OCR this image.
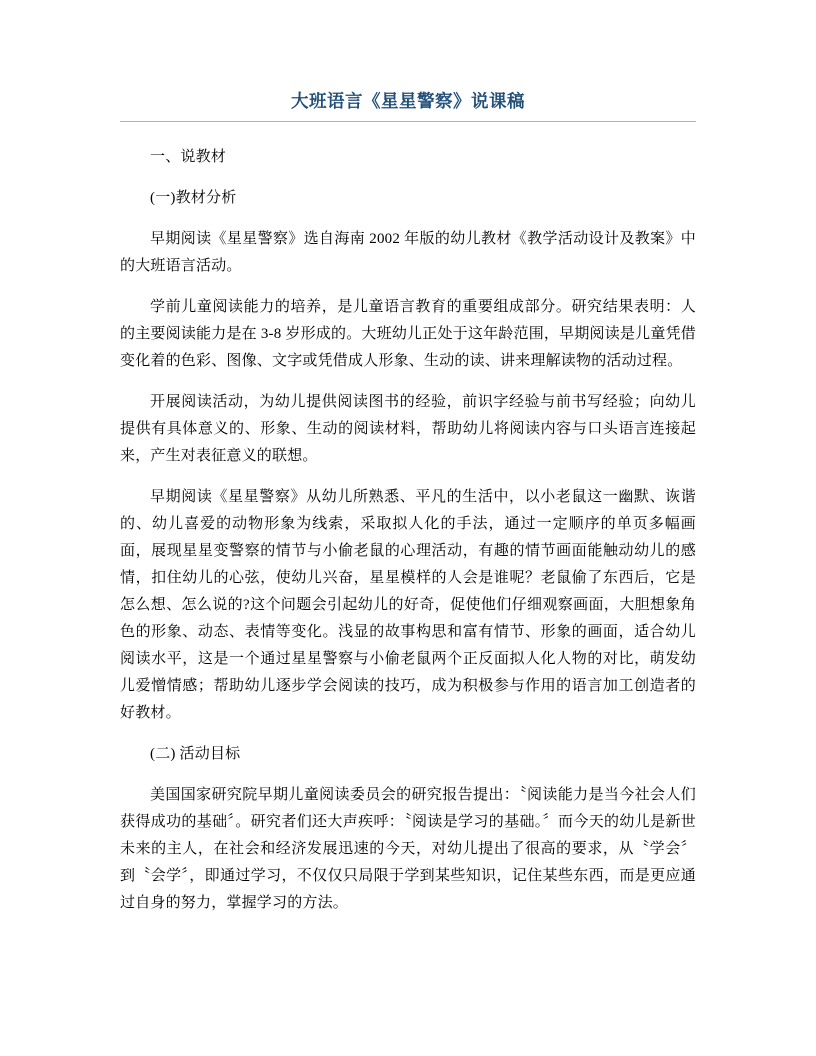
大班语言《星星警察》说课稿

一、说教材

(一)教材分析

早期阅读《星星警察》选自海南 2002 年版的幼儿教材《教学活动设计及教案》中的大班语言活动。

学前儿童阅读能力的培养，是儿童语言教育的重要组成部分。研究结果表明：人的主要阅读能力是在 3-8 岁形成的。大班幼儿正处于这年龄范围，早期阅读是儿童凭借变化着的色彩、图像、文字或凭借成人形象、生动的读、讲来理解读物的活动过程。

开展阅读活动，为幼儿提供阅读图书的经验，前识字经验与前书写经验；向幼儿提供有具体意义的、形象、生动的阅读材料，帮助幼儿将阅读内容与口头语言连接起来，产生对表征意义的联想。

早期阅读《星星警察》从幼儿所熟悉、平凡的生活中，以小老鼠这一幽默、诙谐的、幼儿喜爱的动物形象为线索，采取拟人化的手法，通过一定顺序的单页多幅画面，展现星星变警察的情节与小偷老鼠的心理活动，有趣的情节画面能触动幼儿的感情，扣住幼儿的心弦，使幼儿兴奋，星星模样的人会是谁呢？老鼠偷了东西后，它是怎么想、怎么说的?这个问题会引起幼儿的好奇，促使他们仔细观察画面，大胆想象角色的形象、动态、表情等变化。浅显的故事构思和富有情节、形象的画面，适合幼儿阅读水平，这是一个通过星星警察与小偷老鼠两个正反面拟人化人物的对比，萌发幼儿爱憎情感；帮助幼儿逐步学会阅读的技巧，成为积极参与作用的语言加工创造者的好教材。

(二) 活动目标

美国国家研究院早期儿童阅读委员会的研究报告提出：〝阅读能力是当今社会人们获得成功的基础〞。研究者们还大声疾呼：〝阅读是学习的基础。〞而今天的幼儿是新世未来的主人，在社会和经济发展迅速的今天，对幼儿提出了很高的要求，从〝学会〞到〝会学〞，即通过学习，不仅仅只局限于学到某些知识，记住某些东西，而是更应通过自身的努力，掌握学习的方法。
